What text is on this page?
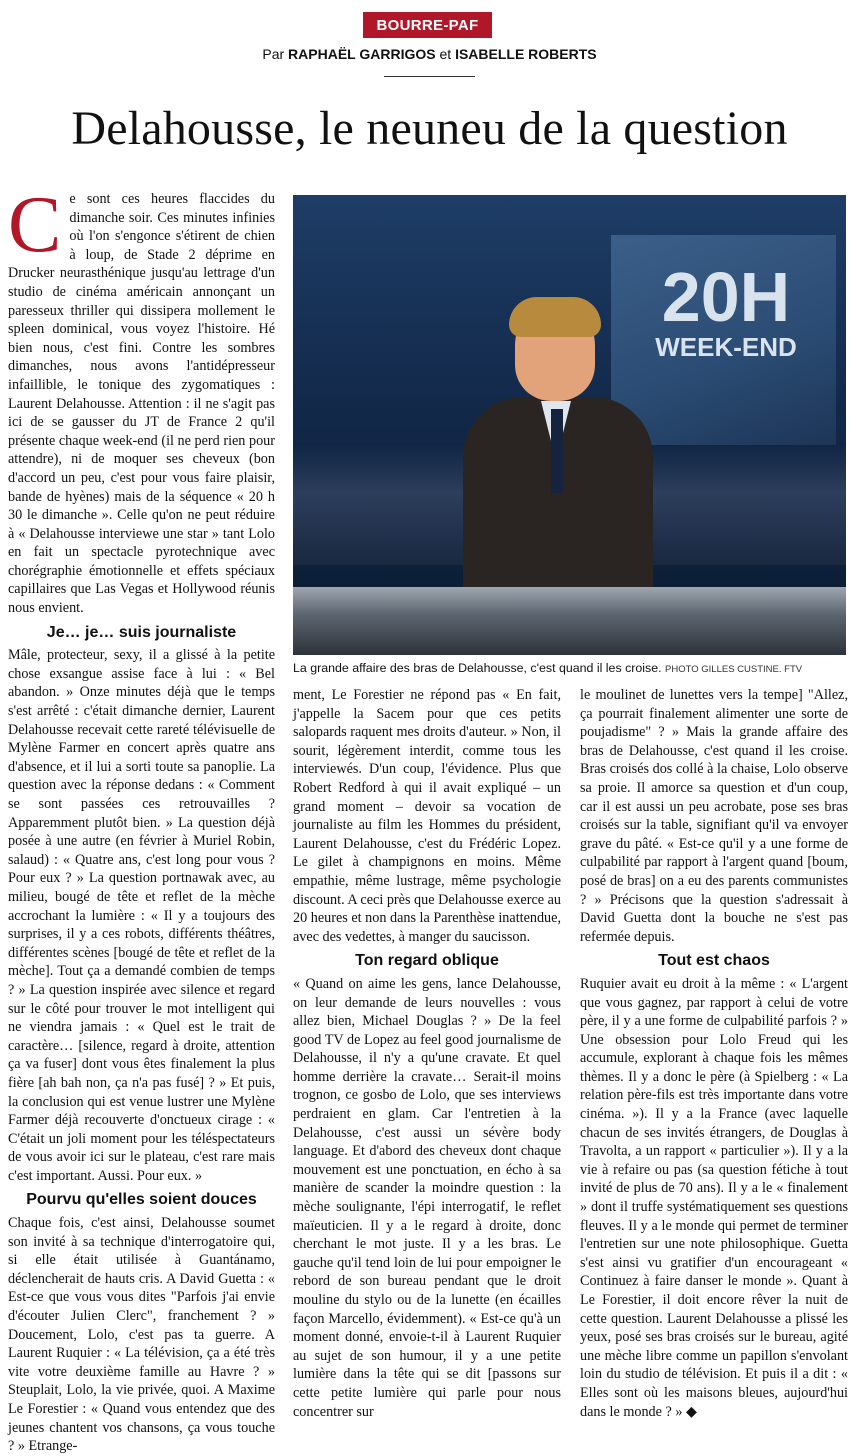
BOURRE-PAF
Par RAPHAËL GARRIGOS et ISABELLE ROBERTS
Delahousse, le neuneu de la question

Ce sont ces heures flaccides du dimanche soir. Ces minutes infinies où l'on s'engonce s'étirent de chien à loup, de Stade 2 déprime en Drucker neurasthénique jusqu'au lettrage d'un studio de cinéma américain annonçant un paresseux thriller qui dissipera mollement le spleen dominical, vous voyez l'histoire. Hé bien nous, c'est fini. Contre les sombres dimanches, nous avons l'antidépresseur infaillible, le tonique des zygomatiques : Laurent Delahousse. Attention : il ne s'agit pas ici de se gausser du JT de France 2 qu'il présente chaque week-end (il ne perd rien pour attendre), ni de moquer ses cheveux (bon d'accord un peu, c'est pour vous faire plaisir, bande de hyènes) mais de la séquence « 20 h 30 le dimanche ». Celle qu'on ne peut réduire à « Delahousse interviewe une star » tant Lolo en fait un spectacle pyrotechnique avec chorégraphie émotionnelle et effets spéciaux capillaires que Las Vegas et Hollywood réunis nous envient.

Je… je… suis journaliste

Mâle, protecteur, sexy, il a glissé à la petite chose exsangue assise face à lui : « Bel abandon. » Onze minutes déjà que le temps s'est arrêté : c'était dimanche dernier, Laurent Delahousse recevait cette rareté télévisuelle de Mylène Farmer en concert après quatre ans d'absence, et il lui a sorti toute sa panoplie. La question avec la réponse dedans : « Comment se sont passées ces retrouvailles ? Apparemment plutôt bien. » La question déjà posée à une autre (en février à Muriel Robin, salaud) : « Quatre ans, c'est long pour vous ? Pour eux ? » La question portnawak avec, au milieu, bougé de tête et reflet de la mèche accrochant la lumière : « Il y a toujours des surprises, il y a ces robots, différents théâtres, différentes scènes [bougé de tête et reflet de la mèche]. Tout ça a demandé combien de temps ? » La question inspirée avec silence et regard sur le côté pour trouver le mot intelligent qui ne viendra jamais : « Quel est le trait de caractère… [silence, regard à droite, attention ça va fuser] dont vous êtes finalement la plus fière [ah bah non, ça n'a pas fusé] ? » Et puis, la conclusion qui est venue lustrer une Mylène Farmer déjà recouverte d'onctueux cirage : « C'était un joli moment pour les téléspectateurs de vous avoir ici sur le plateau, c'est rare mais c'est important. Aussi. Pour eux. »

Pourvu qu'elles soient douces

Chaque fois, c'est ainsi, Delahousse soumet son invité à sa technique d'interrogatoire qui, si elle était utilisée à Guantánamo, déclencherait de hauts cris. A David Guetta : « Est-ce que vous vous dites "Parfois j'ai envie d'écouter Julien Clerc", franchement ? » Doucement, Lolo, c'est pas ta guerre. A Laurent Ruquier : « La télévision, ça a été très vite votre deuxième famille au Havre ? » Steuplait, Lolo, la vie privée, quoi. A Maxime Le Forestier : « Quand vous entendez que des jeunes chantent vos chansons, ça vous touche ? » Etrange-

20H
WEEK-END
La grande affaire des bras de Delahousse, c'est quand il les croise. PHOTO GILLES CUSTINE. FTV

ment, Le Forestier ne répond pas « En fait, j'appelle la Sacem pour que ces petits salopards raquent mes droits d'auteur. » Non, il sourit, légèrement interdit, comme tous les interviewés. D'un coup, l'évidence. Plus que Robert Redford à qui il avait expliqué – un grand moment – devoir sa vocation de journaliste au film les Hommes du président, Laurent Delahousse, c'est du Frédéric Lopez. Le gilet à champignons en moins. Même empathie, même lustrage, même psychologie discount. A ceci près que Delahousse exerce au 20 heures et non dans la Parenthèse inattendue, avec des vedettes, à manger du saucisson.

Ton regard oblique

« Quand on aime les gens, lance Delahousse, on leur demande de leurs nouvelles : vous allez bien, Michael Douglas ? » De la feel good TV de Lopez au feel good journalisme de Delahousse, il n'y a qu'une cravate. Et quel homme derrière la cravate… Serait-il moins trognon, ce gosbo de Lolo, que ses interviews perdraient en glam. Car l'entretien à la Delahousse, c'est aussi un sévère body language. Et d'abord des cheveux dont chaque mouvement est une ponctuation, en écho à sa manière de scander la moindre question : la mèche soulignante, l'épi interrogatif, le reflet maïeuticien. Il y a le regard à droite, donc cherchant le mot juste. Il y a les bras. Le gauche qu'il tend loin de lui pour empoigner le rebord de son bureau pendant que le droit mouline du stylo ou de la lunette (en écailles façon Marcello, évidemment). « Est-ce qu'à un moment donné, envoie-t-il à Laurent Ruquier au sujet de son humour, il y a une petite lumière dans la tête qui se dit [passons sur cette petite lumière qui parle pour nous concentrer sur

le moulinet de lunettes vers la tempe] "Allez, ça pourrait finalement alimenter une sorte de poujadisme" ? » Mais la grande affaire des bras de Delahousse, c'est quand il les croise. Bras croisés dos collé à la chaise, Lolo observe sa proie. Il amorce sa question et d'un coup, car il est aussi un peu acrobate, pose ses bras croisés sur la table, signifiant qu'il va envoyer grave du pâté. « Est-ce qu'il y a une forme de culpabilité par rapport à l'argent quand [boum, posé de bras] on a eu des parents communistes ? » Précisons que la question s'adressait à David Guetta dont la bouche ne s'est pas refermée depuis.

Tout est chaos

Ruquier avait eu droit à la même : « L'argent que vous gagnez, par rapport à celui de votre père, il y a une forme de culpabilité parfois ? » Une obsession pour Lolo Freud qui les accumule, explorant à chaque fois les mêmes thèmes. Il y a donc le père (à Spielberg : « La relation père-fils est très importante dans votre cinéma. »). Il y a la France (avec laquelle chacun de ses invités étrangers, de Douglas à Travolta, a un rapport « particulier »). Il y a la vie à refaire ou pas (sa question fétiche à tout invité de plus de 70 ans). Il y a le « finalement » dont il truffe systématiquement ses questions fleuves. Il y a le monde qui permet de terminer l'entretien sur une note philosophique. Guetta s'est ainsi vu gratifier d'un encourageant « Continuez à faire danser le monde ». Quant à Le Forestier, il doit encore rêver la nuit de cette question. Laurent Delahousse a plissé les yeux, posé ses bras croisés sur le bureau, agité une mèche libre comme un papillon s'envolant loin du studio de télévision. Et puis il a dit : « Elles sont où les maisons bleues, aujourd'hui dans le monde ? » ◆
